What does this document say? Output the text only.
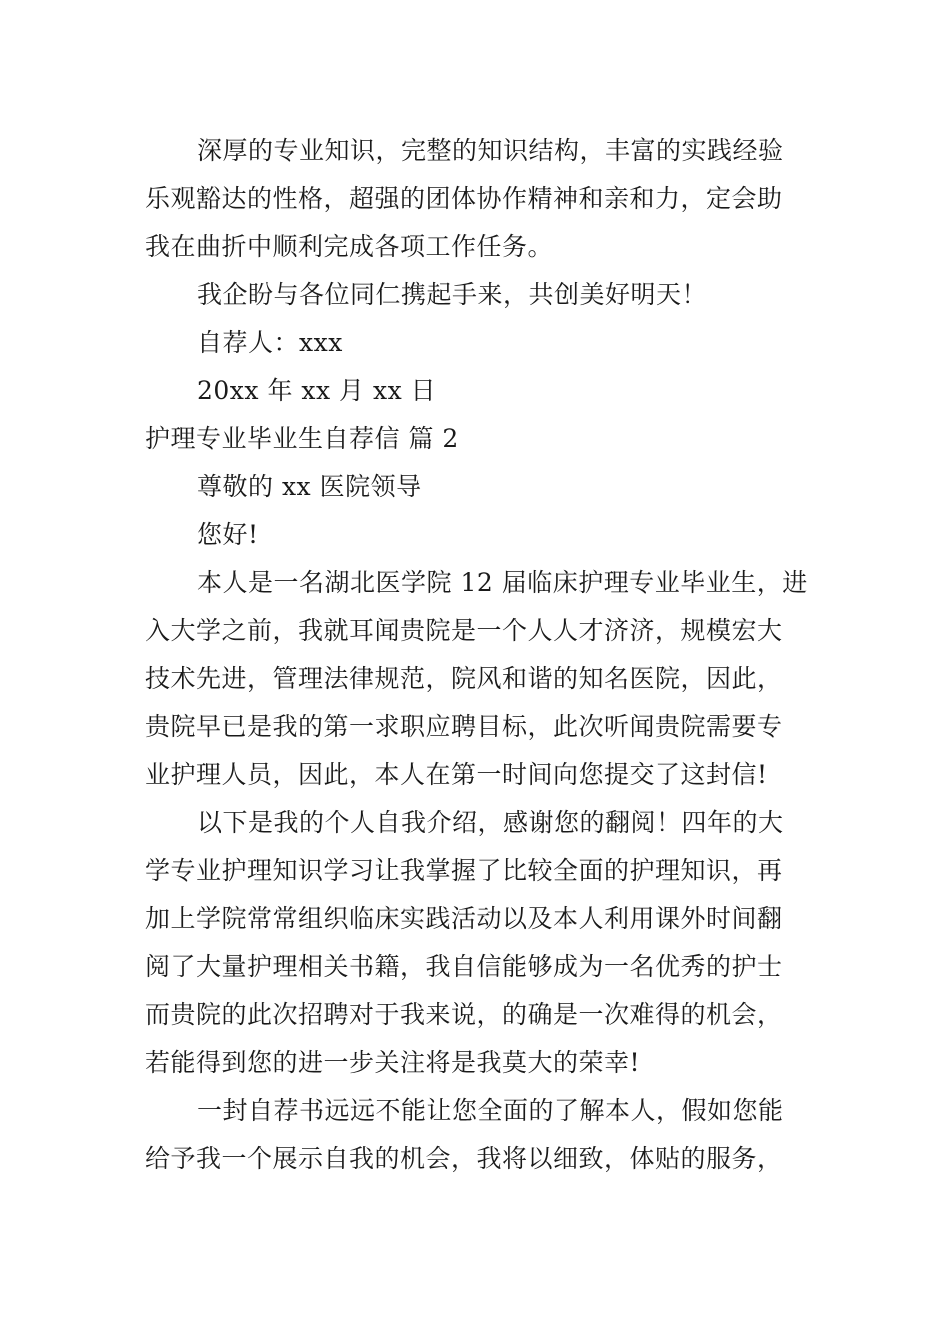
深厚的专业知识，完整的知识结构，丰富的实践经验
乐观豁达的性格，超强的团体协作精神和亲和力，定会助
我在曲折中顺利完成各项工作任务。
我企盼与各位同仁携起手来，共创美好明天！
自荐人：xxx
20xx 年 xx 月 xx 日
护理专业毕业生自荐信 篇 2
尊敬的 xx 医院领导
您好!
本人是一名湖北医学院 12 届临床护理专业毕业生，进
入大学之前，我就耳闻贵院是一个人人才济济，规模宏大
技术先进，管理法律规范，院风和谐的知名医院，因此，
贵院早已是我的第一求职应聘目标，此次听闻贵院需要专
业护理人员，因此，本人在第一时间向您提交了这封信!
以下是我的个人自我介绍，感谢您的翻阅！四年的大
学专业护理知识学习让我掌握了比较全面的护理知识，再
加上学院常常组织临床实践活动以及本人利用课外时间翻
阅了大量护理相关书籍，我自信能够成为一名优秀的护士
而贵院的此次招聘对于我来说，的确是一次难得的机会，
若能得到您的进一步关注将是我莫大的荣幸!
一封自荐书远远不能让您全面的了解本人，假如您能
给予我一个展示自我的机会，我将以细致，体贴的服务，
